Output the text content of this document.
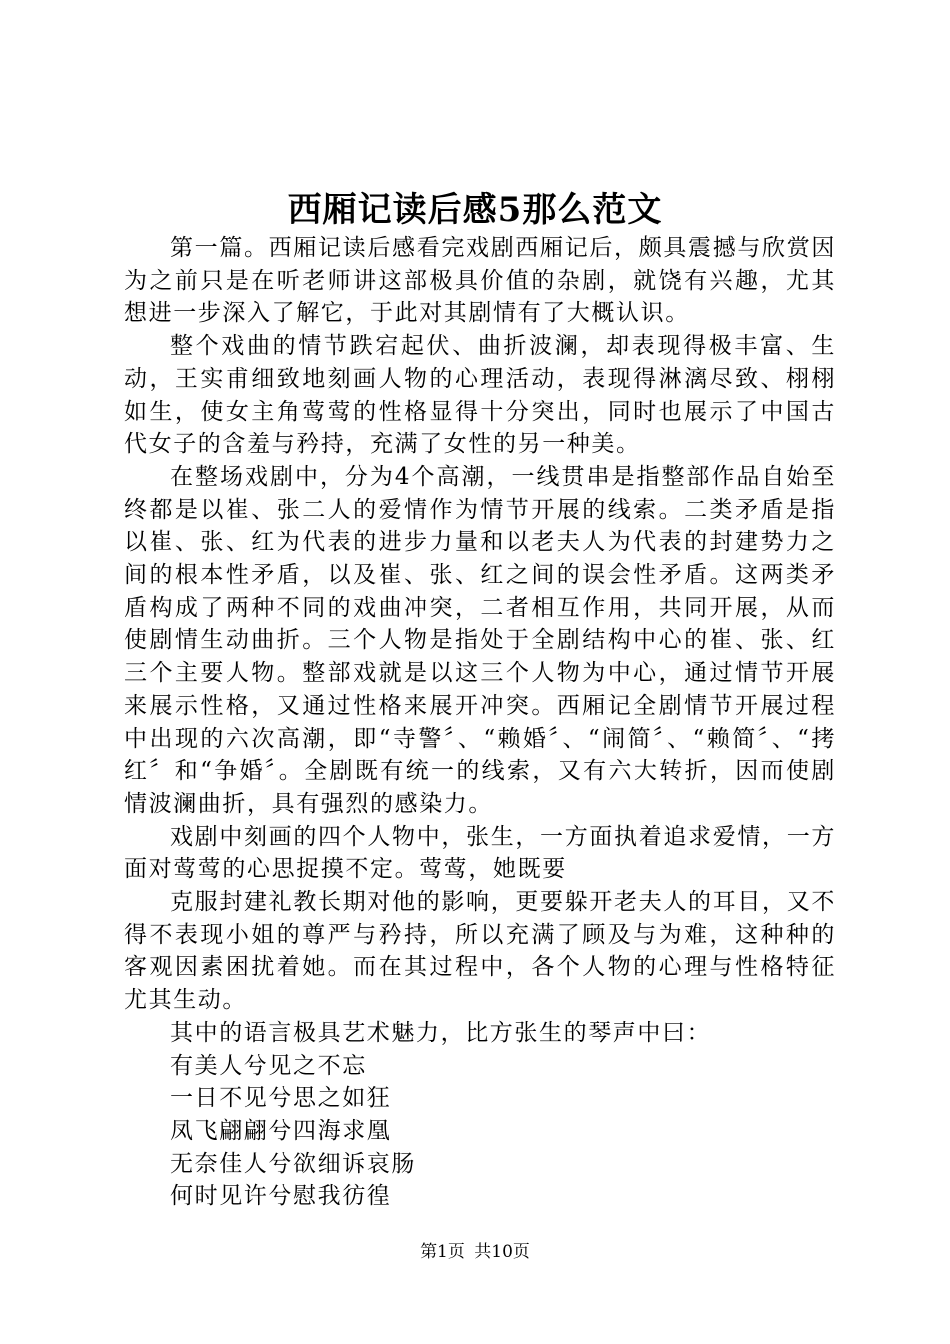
西厢记读后感5那么范文

第一篇。西厢记读后感看完戏剧西厢记后，颇具震撼与欣赏因为之前只是在听老师讲这部极具价值的杂剧，就饶有兴趣，尤其想进一步深入了解它，于此对其剧情有了大概认识。

整个戏曲的情节跌宕起伏、曲折波澜，却表现得极丰富、生动，王实甫细致地刻画人物的心理活动，表现得淋漓尽致、栩栩如生，使女主角莺莺的性格显得十分突出，同时也展示了中国古代女子的含羞与矜持，充满了女性的另一种美。

在整场戏剧中，分为4个高潮，一线贯串是指整部作品自始至终都是以崔、张二人的爱情作为情节开展的线索。二类矛盾是指以崔、张、红为代表的进步力量和以老夫人为代表的封建势力之间的根本性矛盾，以及崔、张、红之间的误会性矛盾。这两类矛盾构成了两种不同的戏曲冲突，二者相互作用，共同开展，从而使剧情生动曲折。三个人物是指处于全剧结构中心的崔、张、红三个主要人物。整部戏就是以这三个人物为中心，通过情节开展来展示性格，又通过性格来展开冲突。西厢记全剧情节开展过程中出现的六次高潮，即“寺警〞、“赖婚〞、“闹简〞、“赖简〞、“拷红〞和“争婚〞。全剧既有统一的线索，又有六大转折，因而使剧情波澜曲折，具有强烈的感染力。

戏剧中刻画的四个人物中，张生，一方面执着追求爱情，一方面对莺莺的心思捉摸不定。莺莺，她既要

克服封建礼教长期对他的影响，更要躲开老夫人的耳目，又不得不表现小姐的尊严与矜持，所以充满了顾及与为难，这种种的客观因素困扰着她。而在其过程中，各个人物的心理与性格特征尤其生动。

其中的语言极具艺术魅力，比方张生的琴声中曰：

有美人兮见之不忘

一日不见兮思之如狂

凤飞翩翩兮四海求凰

无奈佳人兮欲细诉哀肠

何时见许兮慰我彷徨

第1页 共10页
